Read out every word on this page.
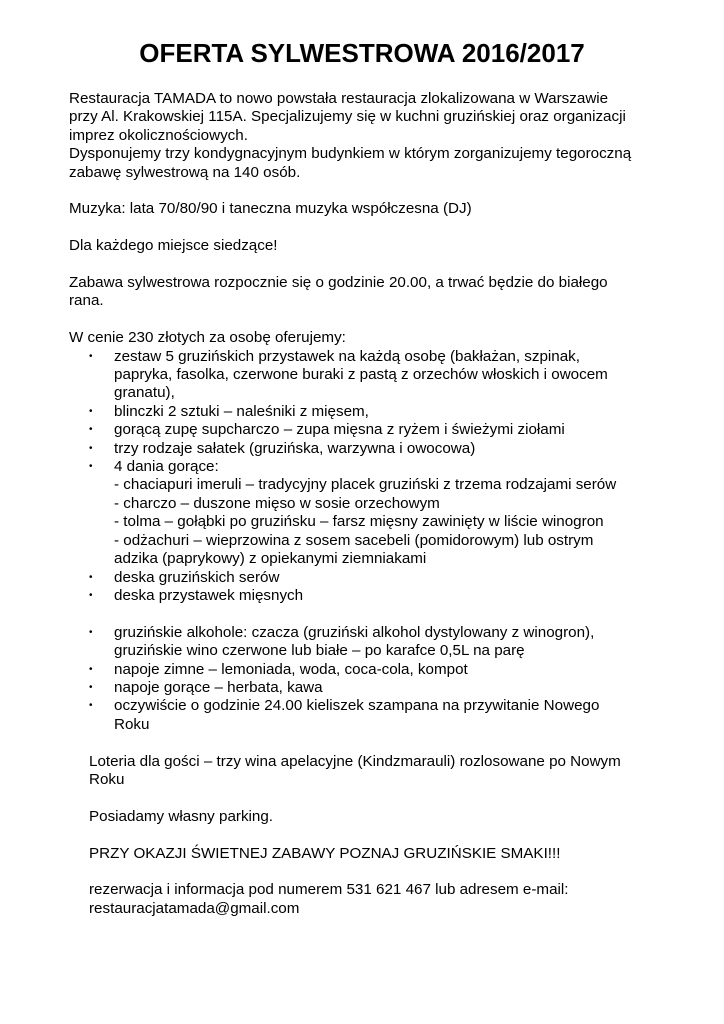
OFERTA SYLWESTROWA 2016/2017

Restauracja TAMADA to nowo powstała restauracja zlokalizowana w Warszawie
przy Al. Krakowskiej 115A. Specjalizujemy się w kuchni gruzińskiej oraz organizacji
imprez okolicznościowych.
Dysponujemy trzy kondygnacyjnym budynkiem w którym zorganizujemy tegoroczną
zabawę sylwestrową na 140 osób.

Muzyka: lata 70/80/90 i taneczna muzyka współczesna (DJ)

Dla każdego miejsce siedzące!

Zabawa sylwestrowa rozpocznie się o godzinie 20.00, a trwać będzie do białego
rana.

W cenie 230 złotych za osobę oferujemy:

• zestaw 5 gruzińskich przystawek na każdą osobę (bakłażan, szpinak,
papryka, fasolka, czerwone buraki z pastą z orzechów włoskich i owocem
granatu),
• blinczki 2 sztuki – naleśniki z mięsem,
• gorącą zupę supcharczo – zupa mięsna z ryżem i świeżymi ziołami
• trzy rodzaje sałatek (gruzińska, warzywna i owocowa)
• 4 dania gorące:
- chaciapuri imeruli – tradycyjny placek gruziński z trzema rodzajami serów
- charczo – duszone mięso w sosie orzechowym
- tolma – gołąbki po gruzińsku – farsz mięsny zawinięty w liście winogron
- odżachuri – wieprzowina z sosem sacebeli (pomidorowym) lub ostrym
adzika (paprykowy) z opiekanymi ziemniakami
• deska gruzińskich serów
• deska przystawek mięsnych
• gruzińskie alkohole: czacza (gruziński alkohol dystylowany z winogron),
gruzińskie wino czerwone lub białe – po karafce 0,5L na parę
• napoje zimne – lemoniada, woda, coca-cola, kompot
• napoje gorące – herbata, kawa
• oczywiście o godzinie 24.00 kieliszek szampana na przywitanie Nowego
Roku

Loteria dla gości – trzy wina apelacyjne (Kindzmarauli) rozlosowane po Nowym
Roku

Posiadamy własny parking.

PRZY OKAZJI ŚWIETNEJ ZABAWY POZNAJ GRUZIŃSKIE SMAKI!!!

rezerwacja i informacja pod numerem 531 621 467 lub adresem e-mail:
restauracjatamada@gmail.com
